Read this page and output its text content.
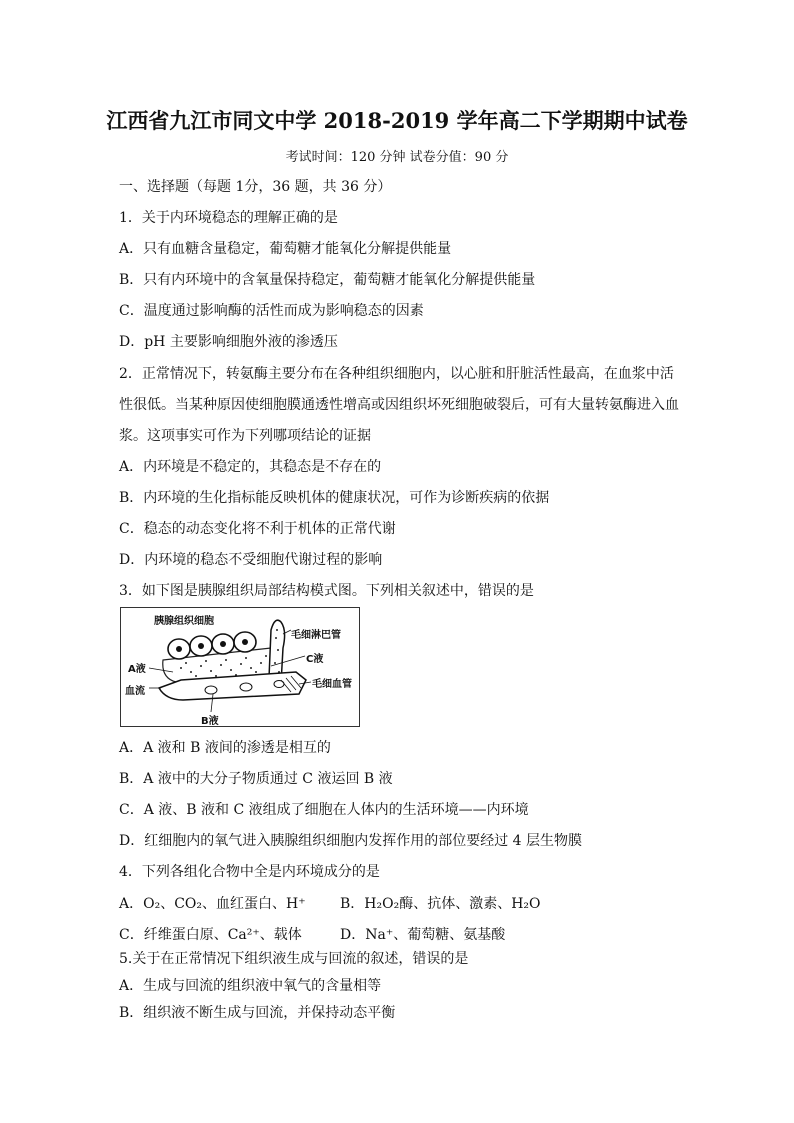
江西省九江市同文中学 2018-2019 学年高二下学期期中试卷
考试时间：120 分钟 试卷分值：90 分
一、选择题（每题 1分，36 题，共 36 分）
1．关于内环境稳态的理解正确的是
A．只有血糖含量稳定，葡萄糖才能氧化分解提供能量
B．只有内环境中的含氧量保持稳定，葡萄糖才能氧化分解提供能量
C．温度通过影响酶的活性而成为影响稳态的因素
D．pH 主要影响细胞外液的渗透压
2．正常情况下，转氨酶主要分布在各种组织细胞内，以心脏和肝脏活性最高，在血浆中活
性很低。当某种原因使细胞膜通透性增高或因组织坏死细胞破裂后，可有大量转氨酶进入血
浆。这项事实可作为下列哪项结论的证据
A．内环境是不稳定的，其稳态是不存在的
B．内环境的生化指标能反映机体的健康状况，可作为诊断疾病的依据
C．稳态的动态变化将不利于机体的正常代谢
D．内环境的稳态不受细胞代谢过程的影响
3．如下图是胰腺组织局部结构模式图。下列相关叙述中，错误的是
胰腺组织细胞
毛细淋巴管
C液
A液
血流
毛细血管
B液
A．A 液和 B 液间的渗透是相互的
B．A 液中的大分子物质通过 C 液运回 B 液
C．A 液、B 液和 C 液组成了细胞在人体内的生活环境——内环境
D．红细胞内的氧气进入胰腺组织细胞内发挥作用的部位要经过 4 层生物膜
4．下列各组化合物中全是内环境成分的是
A．O₂、CO₂、血红蛋白、H⁺ B．H₂O₂酶、抗体、激素、H₂O
C．纤维蛋白原、Ca²⁺、载体	D．Na⁺、葡萄糖、氨基酸
5.关于在正常情况下组织液生成与回流的叙述，错误的是
A．生成与回流的组织液中氧气的含量相等
B．组织液不断生成与回流，并保持动态平衡
